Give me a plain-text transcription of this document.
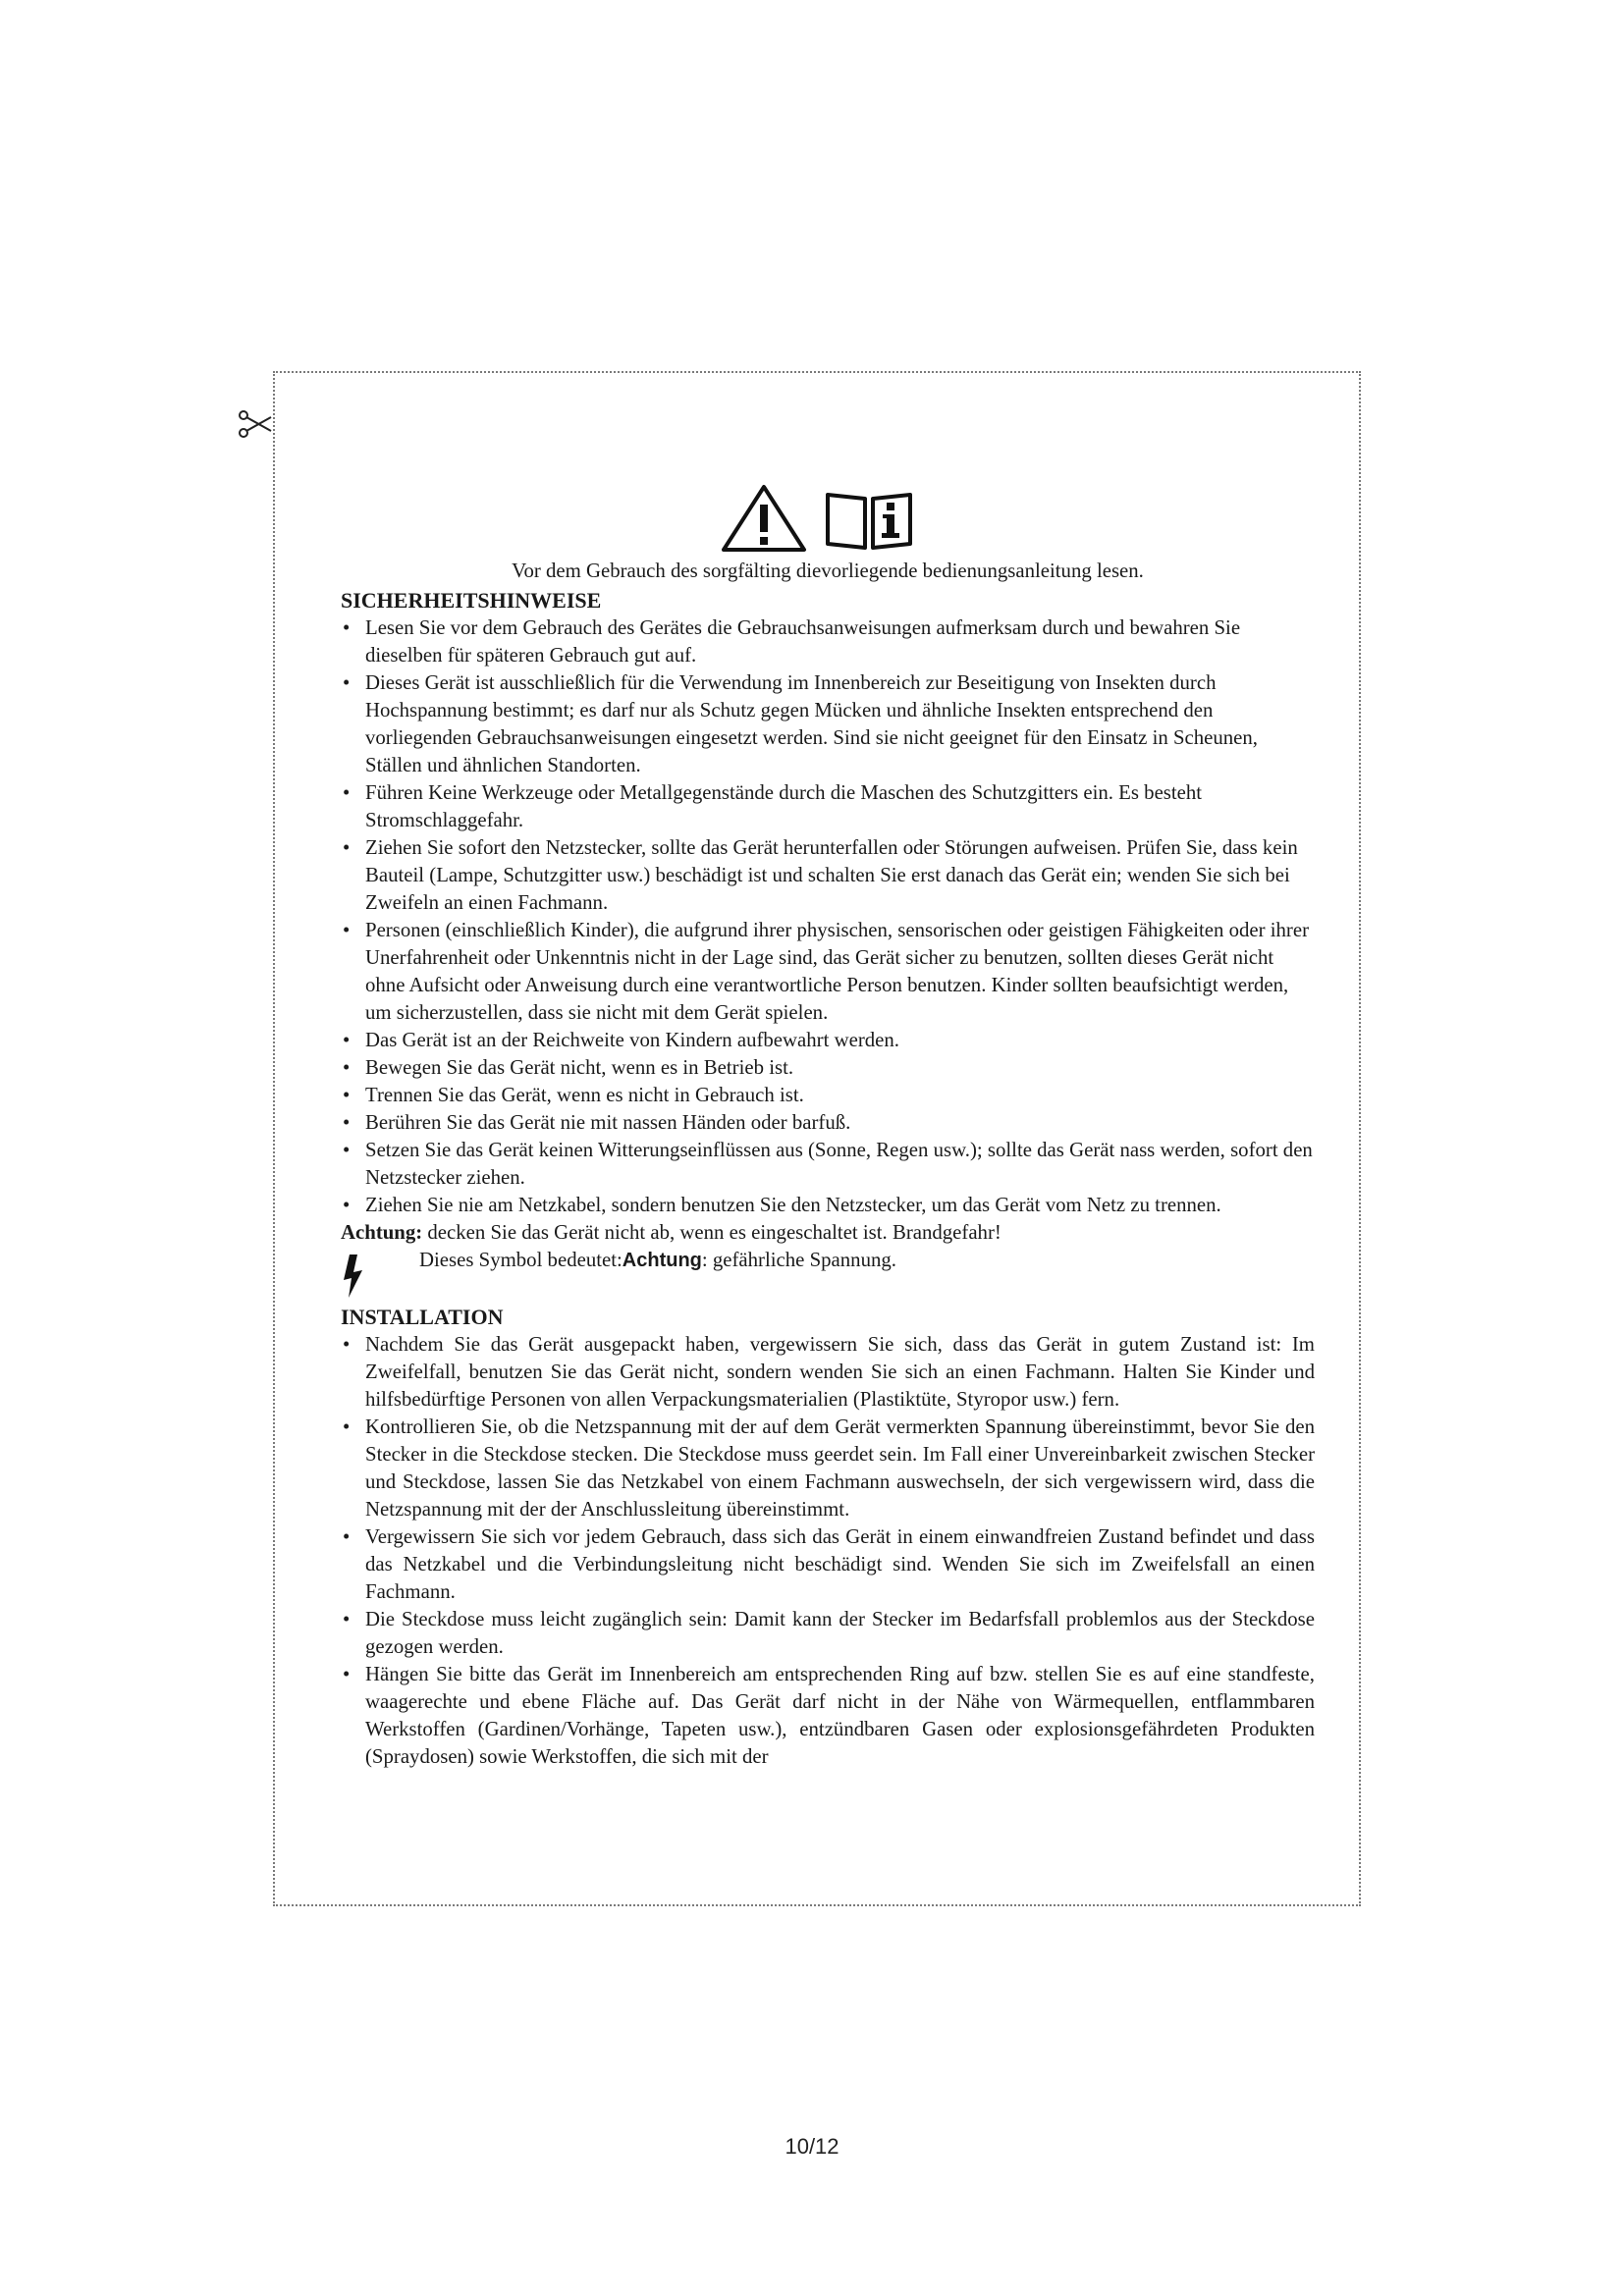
Vor dem Gebrauch des sorgfälting dievorliegende bedienungsanleitung lesen.

SICHERHEITSHINWEISE
• Lesen Sie vor dem Gebrauch des Gerätes die Gebrauchsanweisungen aufmerksam durch und bewahren Sie dieselben für späteren Gebrauch gut auf.
• Dieses Gerät ist ausschließlich für die Verwendung im Innenbereich zur Beseitigung von Insekten durch Hochspannung bestimmt; es darf nur als Schutz gegen Mücken und ähnliche Insekten entsprechend den vorliegenden Gebrauchsanweisungen eingesetzt werden. Sind sie nicht geeignet für den Einsatz in Scheunen, Ställen und ähnlichen Standorten.
• Führen Keine Werkzeuge oder Metallgegenstände durch die Maschen des Schutzgitters ein. Es besteht Stromschlaggefahr.
• Ziehen Sie sofort den Netzstecker, sollte das Gerät herunterfallen oder Störungen aufweisen. Prüfen Sie, dass kein Bauteil (Lampe, Schutzgitter usw.) beschädigt ist und schalten Sie erst danach das Gerät ein; wenden Sie sich bei Zweifeln an einen Fachmann.
• Personen (einschließlich Kinder), die aufgrund ihrer physischen, sensorischen oder geistigen Fähigkeiten oder ihrer Unerfahrenheit oder Unkenntnis nicht in der Lage sind, das Gerät sicher zu benutzen, sollten dieses Gerät nicht ohne Aufsicht oder Anweisung durch eine verantwortliche Person benutzen. Kinder sollten beaufsichtigt werden, um sicherzustellen, dass sie nicht mit dem Gerät spielen.
• Das Gerät ist an der Reichweite von Kindern aufbewahrt werden.
• Bewegen Sie das Gerät nicht, wenn es in Betrieb ist.
• Trennen Sie das Gerät, wenn es nicht in Gebrauch ist.
• Berühren Sie das Gerät nie mit nassen Händen oder barfuß.
• Setzen Sie das Gerät keinen Witterungseinflüssen aus (Sonne, Regen usw.); sollte das Gerät nass werden, sofort den Netzstecker ziehen.
• Ziehen Sie nie am Netzkabel, sondern benutzen Sie den Netzstecker, um das Gerät vom Netz zu trennen.

Achtung: decken Sie das Gerät nicht ab, wenn es eingeschaltet ist. Brandgefahr!

Dieses Symbol bedeutet:Achtung: gefährliche Spannung.
INSTALLATION
• Nachdem Sie das Gerät ausgepackt haben, vergewissern Sie sich, dass das Gerät in gutem Zustand ist: Im Zweifelfall, benutzen Sie das Gerät nicht, sondern wenden Sie sich an einen Fachmann. Halten Sie Kinder und hilfsbedürftige Personen von allen Verpackungsmaterialien (Plastiktüte, Styropor usw.) fern.
• Kontrollieren Sie, ob die Netzspannung mit der auf dem Gerät vermerkten Spannung übereinstimmt, bevor Sie den Stecker in die Steckdose stecken. Die Steckdose muss geerdet sein. Im Fall einer Unvereinbarkeit zwischen Stecker und Steckdose, lassen Sie das Netzkabel von einem Fachmann auswechseln, der sich vergewissern wird, dass die Netzspannung mit der der Anschlussleitung übereinstimmt.
• Vergewissern Sie sich vor jedem Gebrauch, dass sich das Gerät in einem einwandfreien Zustand befindet und dass das Netzkabel und die Verbindungsleitung nicht beschädigt sind. Wenden Sie sich im Zweifelsfall an einen Fachmann.
• Die Steckdose muss leicht zugänglich sein: Damit kann der Stecker im Bedarfsfall problemlos aus der Steckdose gezogen werden.
• Hängen Sie bitte das Gerät im Innenbereich am entsprechenden Ring auf bzw. stellen Sie es auf eine standfeste, waagerechte und ebene Fläche auf. Das Gerät darf nicht in der Nähe von Wärmequellen, entflammbaren Werkstoffen (Gardinen/Vorhänge, Tapeten usw.), entzündbaren Gasen oder explosionsgefährdeten Produkten (Spraydosen) sowie Werkstoffen, die sich mit der
10/12
